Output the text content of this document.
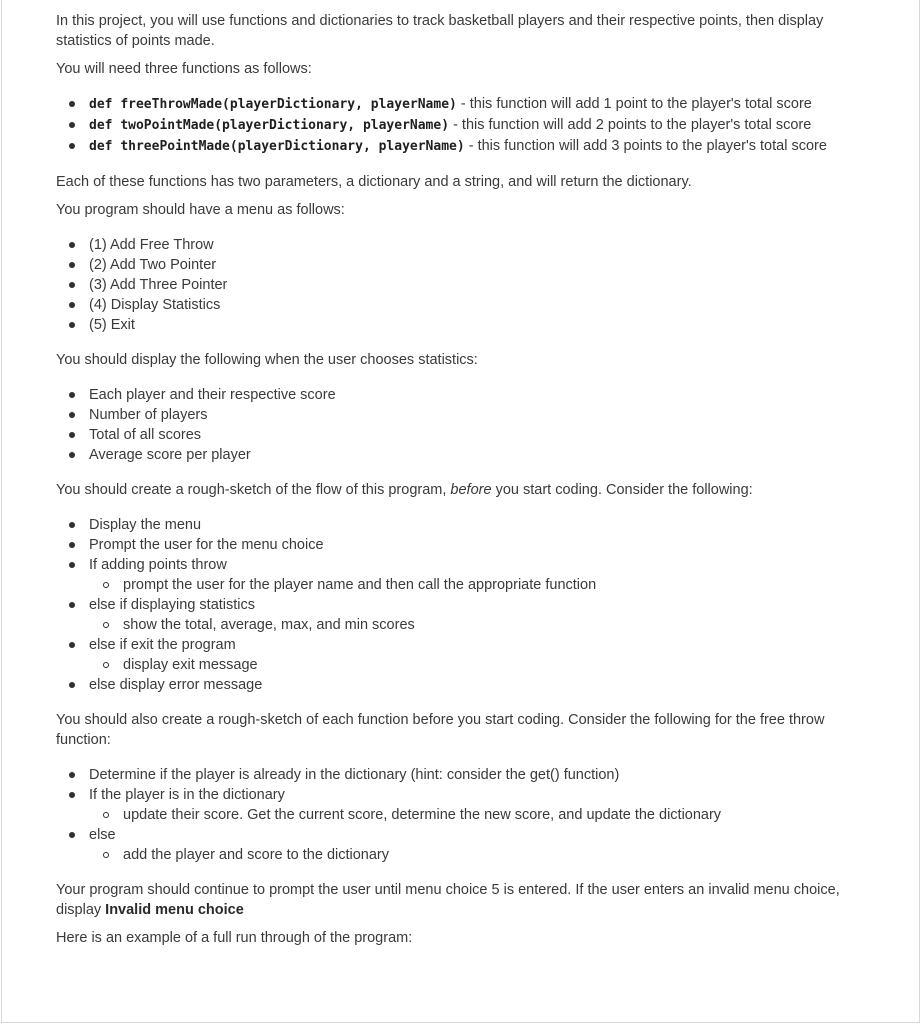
In this project, you will use functions and dictionaries to track basketball players and their respective points, then display statistics of points made.

You will need three functions as follows:

def freeThrowMade(playerDictionary, playerName) - this function will add 1 point to the player's total score
def twoPointMade(playerDictionary, playerName) - this function will add 2 points to the player's total score
def threePointMade(playerDictionary, playerName) - this function will add 3 points to the player's total score

Each of these functions has two parameters, a dictionary and a string, and will return the dictionary.

You program should have a menu as follows:

(1) Add Free Throw
(2) Add Two Pointer
(3) Add Three Pointer
(4) Display Statistics
(5) Exit

You should display the following when the user chooses statistics:

Each player and their respective score
Number of players
Total of all scores
Average score per player

You should create a rough-sketch of the flow of this program, before you start coding. Consider the following:

Display the menu
Prompt the user for the menu choice
If adding points throw
prompt the user for the player name and then call the appropriate function
else if displaying statistics
show the total, average, max, and min scores
else if exit the program
display exit message
else display error message

You should also create a rough-sketch of each function before you start coding. Consider the following for the free throw function:

Determine if the player is already in the dictionary (hint: consider the get() function)
If the player is in the dictionary
update their score. Get the current score, determine the new score, and update the dictionary
else
add the player and score to the dictionary

Your program should continue to prompt the user until menu choice 5 is entered. If the user enters an invalid menu choice, display Invalid menu choice

Here is an example of a full run through of the program:
